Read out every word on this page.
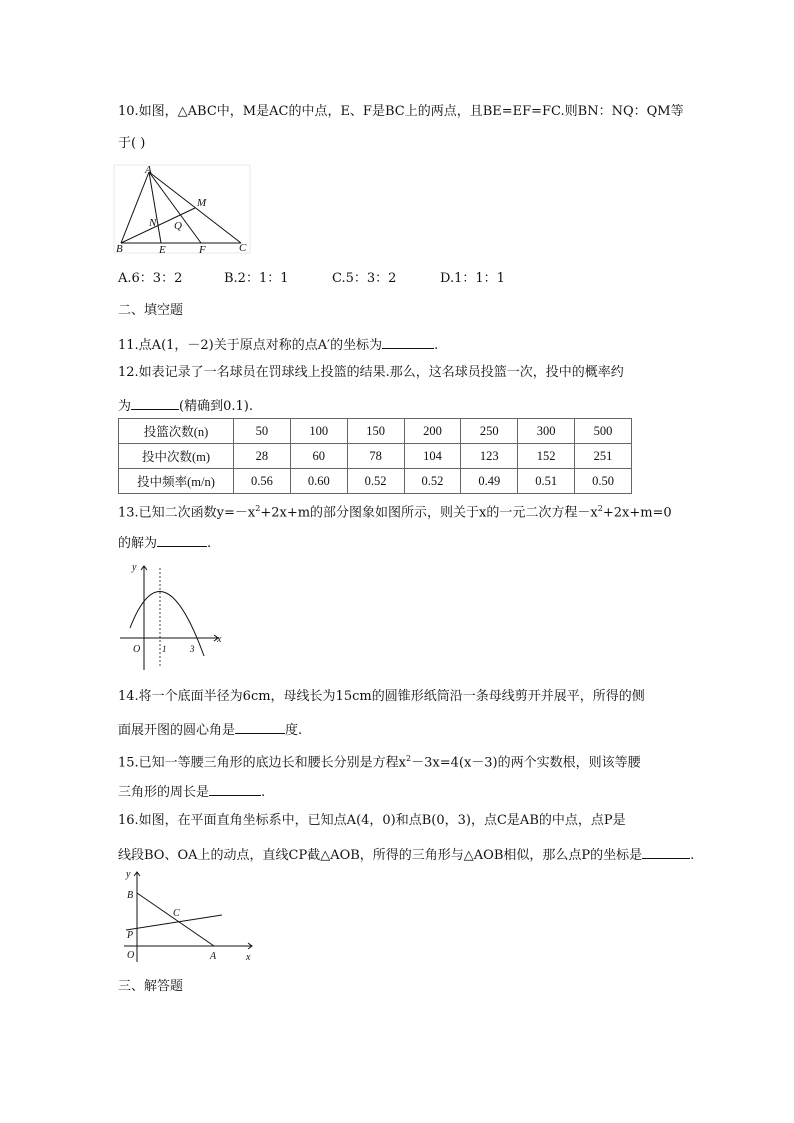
10.如图，△ABC中，M是AC的中点，E、F是BC上的两点，且BE=EF=FC.则BN：NQ：QM等
于( )
A
B	C
E	F
M
N Q
A.6：3：2	B.2：1：1	C.5：3：2	D.1：1：1
二、填空题
11.点A(1，－2)关于原点对称的点A′的坐标为	.
12.如表记录了一名球员在罚球线上投篮的结果.那么，这名球员投篮一次，投中的概率约
为	(精确到0.1).
投篮次数(n)	50	100	150	200	250	300	500
投中次数(m)	28	60	78	104	123	152	251
投中频率(m/n)	0.56	0.60	0.52	0.52	0.49	0.51	0.50
13.已知二次函数$y=-x^2+2x+m$的部分图象如图所示，则关于x的一元二次方程$-x^2+2x+m=0$
的解为	.
y
x
O 1	3
14.将一个底面半径为6cm，母线长为15cm的圆锥形纸筒沿一条母线剪开并展平，所得的侧
面展开图的圆心角是	度.
15.已知一等腰三角形的底边长和腰长分别是方程$x^2-3x=4(x-3)$的两个实数根，则该等腰
三角形的周长是	.
16.如图，在平面直角坐标系中，已知点A(4，0)和点B(0，3)，点C是AB的中点，点P是
线段BO、OA上的动点，直线CP截△AOB，所得的三角形与△AOB相似，那么点P的坐标是	.
y
x
B
C
P
O	A
三、解答题
